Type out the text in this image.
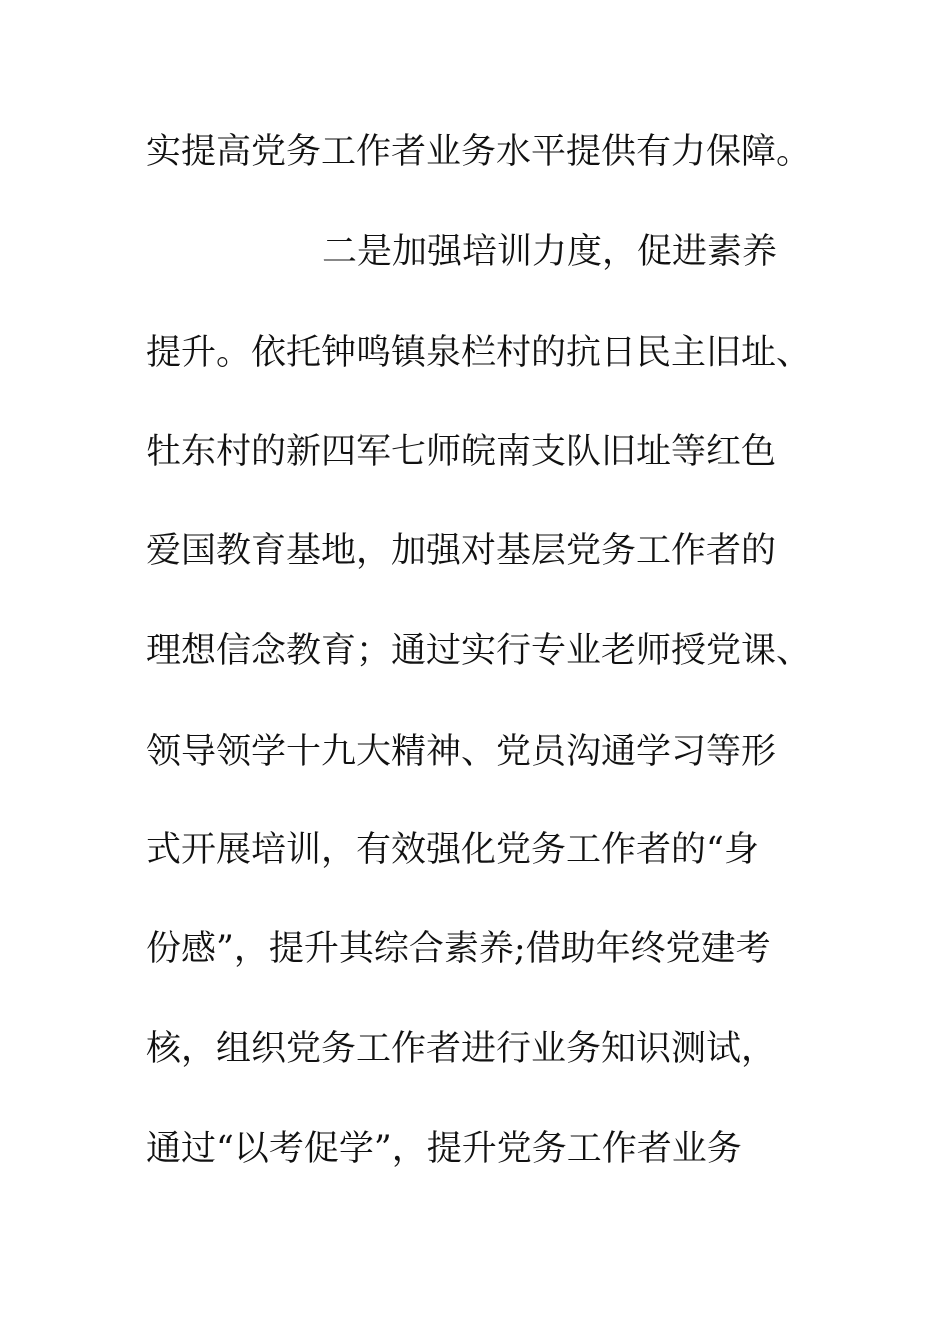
实提高党务工作者业务水平提供有力保障。
二是加强培训力度，促进素养
提升。依托钟鸣镇泉栏村的抗日民主旧址、
牡东村的新四军七师皖南支队旧址等红色
爱国教育基地，加强对基层党务工作者的
理想信念教育；通过实行专业老师授党课、
领导领学十九大精神、党员沟通学习等形
式开展培训，有效强化党务工作者的“身
份感”，提升其综合素养;借助年终党建考
核，组织党务工作者进行业务知识测试，
通过“以考促学”，提升党务工作者业务
